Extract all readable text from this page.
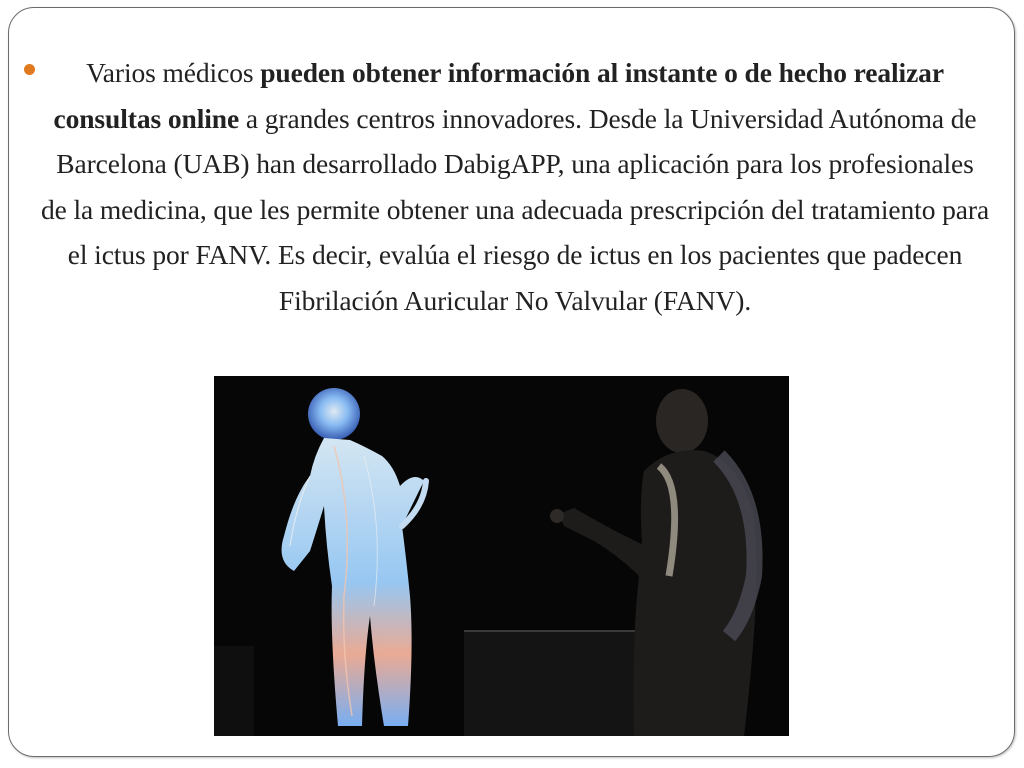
Varios médicos pueden obtener información al instante o de hecho realizar consultas online a grandes centros innovadores. Desde la Universidad Autónoma de Barcelona (UAB) han desarrollado DabigAPP, una aplicación para los profesionales de la medicina, que les permite obtener una adecuada prescripción del tratamiento para el ictus por FANV. Es decir, evalúa el riesgo de ictus en los pacientes que padecen Fibrilación Auricular No Valvular (FANV).
